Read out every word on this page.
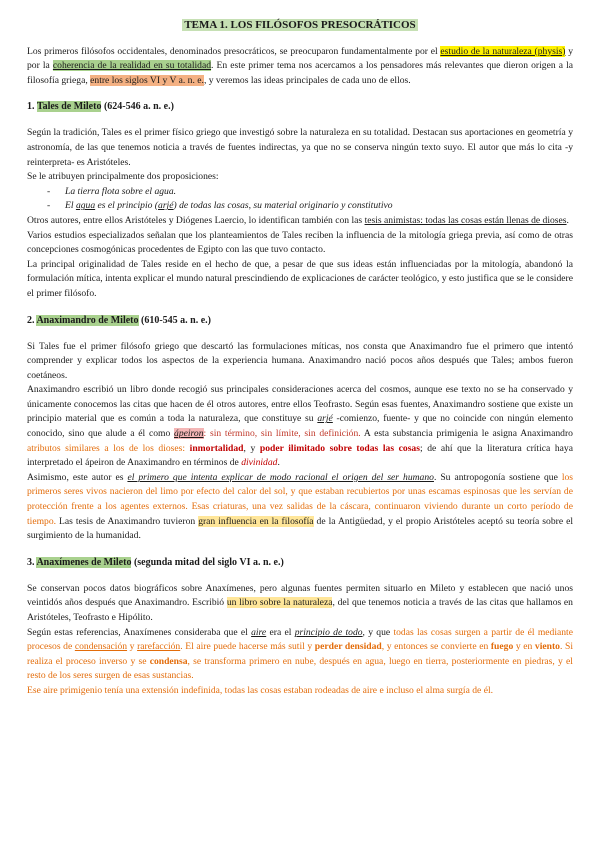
TEMA 1. LOS FILÓSOFOS PRESOCRÁTICOS

Los primeros filósofos occidentales, denominados presocráticos, se preocuparon fundamentalmente por el estudio de la naturaleza (physis) y por la coherencia de la realidad en su totalidad. En este primer tema nos acercamos a los pensadores más relevantes que dieron origen a la filosofía griega, entre los siglos VI y V a. n. e., y veremos las ideas principales de cada uno de ellos.

1. Tales de Mileto (624-546 a. n. e.)

Según la tradición, Tales es el primer físico griego que investigó sobre la naturaleza en su totalidad. Destacan sus aportaciones en geometría y astronomía, de las que tenemos noticia a través de fuentes indirectas, ya que no se conserva ningún texto suyo. El autor que más lo cita -y reinterpreta- es Aristóteles.

Se le atribuyen principalmente dos proposiciones:

- La tierra flota sobre el agua.
- El agua es el principio (arjé) de todas las cosas, su material originario y constitutivo

Otros autores, entre ellos Aristóteles y Diógenes Laercio, lo identifican también con las tesis animistas: todas las cosas están llenas de dioses.

Varios estudios especializados señalan que los planteamientos de Tales reciben la influencia de la mitología griega previa, así como de otras concepciones cosmogónicas procedentes de Egipto con las que tuvo contacto.

La principal originalidad de Tales reside en el hecho de que, a pesar de que sus ideas están influenciadas por la mitología, abandonó la formulación mítica, intenta explicar el mundo natural prescindiendo de explicaciones de carácter teológico, y esto justifica que se le considere el primer filósofo.

2. Anaximandro de Mileto (610-545 a. n. e.)

Si Tales fue el primer filósofo griego que descartó las formulaciones míticas, nos consta que Anaximandro fue el primero que intentó comprender y explicar todos los aspectos de la experiencia humana. Anaximandro nació pocos años después que Tales; ambos fueron coetáneos.

Anaximandro escribió un libro donde recogió sus principales consideraciones acerca del cosmos, aunque ese texto no se ha conservado y únicamente conocemos las citas que hacen de él otros autores, entre ellos Teofrasto. Según esas fuentes, Anaximandro sostiene que existe un principio material que es común a toda la naturaleza, que constituye su arjé -comienzo, fuente- y que no coincide con ningún elemento conocido, sino que alude a él como ápeiron: sin término, sin límite, sin definición. A esta substancia primigenia le asigna Anaximandro atributos similares a los de los dioses: inmortalidad, y poder ilimitado sobre todas las cosas; de ahí que la literatura crítica haya interpretado el ápeiron de Anaximandro en términos de divinidad.

Asimismo, este autor es el primero que intenta explicar de modo racional el origen del ser humano. Su antropogonía sostiene que los primeros seres vivos nacieron del limo por efecto del calor del sol, y que estaban recubiertos por unas escamas espinosas que les servían de protección frente a los agentes externos. Esas criaturas, una vez salidas de la cáscara, continuaron viviendo durante un corto período de tiempo. Las tesis de Anaximandro tuvieron gran influencia en la filosofía de la Antigüedad, y el propio Aristóteles aceptó su teoría sobre el surgimiento de la humanidad.

3. Anaxímenes de Mileto (segunda mitad del siglo VI a. n. e.)

Se conservan pocos datos biográficos sobre Anaxímenes, pero algunas fuentes permiten situarlo en Mileto y establecen que nació unos veintidós años después que Anaximandro. Escribió un libro sobre la naturaleza, del que tenemos noticia a través de las citas que hallamos en Aristóteles, Teofrasto e Hipólito.

Según estas referencias, Anaxímenes consideraba que el aire era el principio de todo, y que todas las cosas surgen a partir de él mediante procesos de condensación y rarefacción. El aire puede hacerse más sutil y perder densidad, y entonces se convierte en fuego y en viento. Si realiza el proceso inverso y se condensa, se transforma primero en nube, después en agua, luego en tierra, posteriormente en piedras, y el resto de los seres surgen de esas sustancias.

Ese aire primigenio tenía una extensión indefinida, todas las cosas estaban rodeadas de aire e incluso el alma surgía de él.
